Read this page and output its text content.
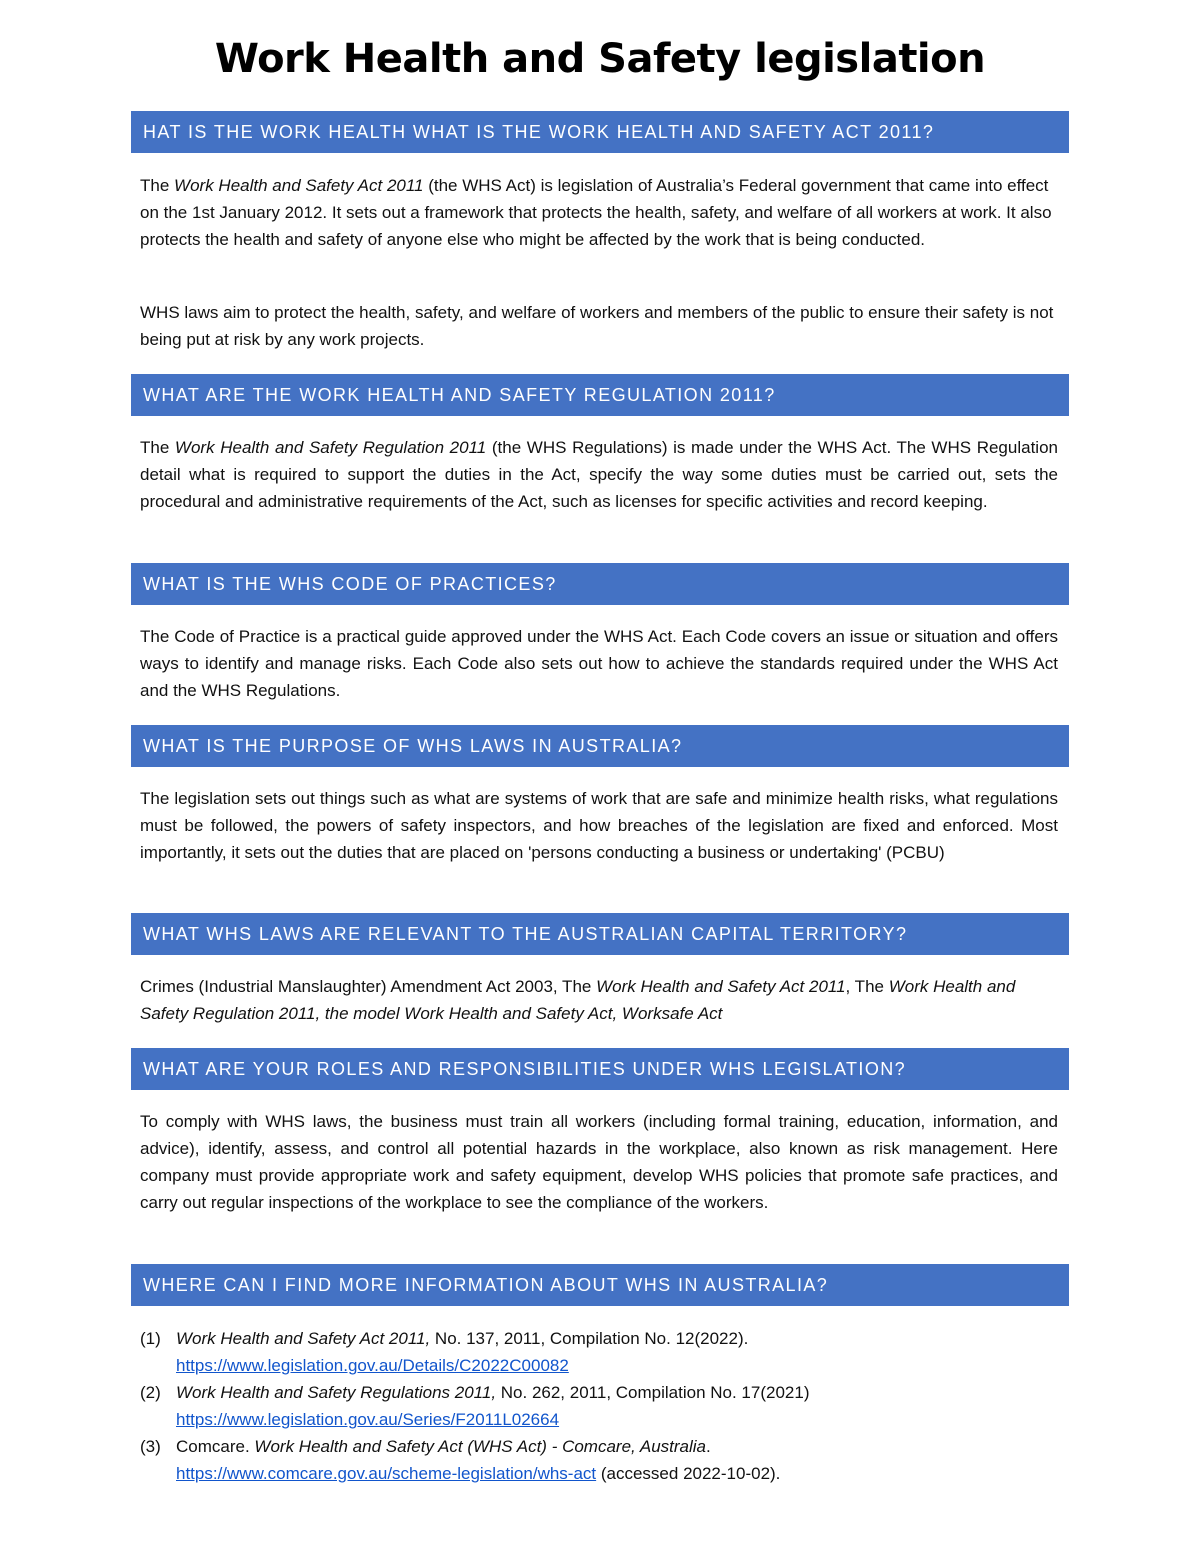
Work Health and Safety legislation
HAT IS THE WORK HEALTH WHAT IS THE WORK HEALTH AND SAFETY ACT 2011?

The Work Health and Safety Act 2011 (the WHS Act) is legislation of Australia’s Federal government that came into effect on the 1st January 2012. It sets out a framework that protects the health, safety, and welfare of all workers at work. It also protects the health and safety of anyone else who might be affected by the work that is being conducted.

WHS laws aim to protect the health, safety, and welfare of workers and members of the public to ensure their safety is not being put at risk by any work projects.

WHAT ARE THE WORK HEALTH AND SAFETY REGULATION 2011?

The Work Health and Safety Regulation 2011 (the WHS Regulations) is made under the WHS Act. The WHS Regulation detail what is required to support the duties in the Act, specify the way some duties must be carried out, sets the procedural and administrative requirements of the Act, such as licenses for specific activities and record keeping.

WHAT IS THE WHS CODE OF PRACTICES?

The Code of Practice is a practical guide approved under the WHS Act. Each Code covers an issue or situation and offers ways to identify and manage risks. Each Code also sets out how to achieve the standards required under the WHS Act and the WHS Regulations.

WHAT IS THE PURPOSE OF WHS LAWS IN AUSTRALIA?

The legislation sets out things such as what are systems of work that are safe and minimize health risks, what regulations must be followed, the powers of safety inspectors, and how breaches of the legislation are fixed and enforced. Most importantly, it sets out the duties that are placed on 'persons conducting a business or undertaking' (PCBU)

WHAT WHS LAWS ARE RELEVANT TO THE AUSTRALIAN CAPITAL TERRITORY?

Crimes (Industrial Manslaughter) Amendment Act 2003, The Work Health and Safety Act 2011, The Work Health and Safety Regulation 2011, the model Work Health and Safety Act, Worksafe Act

WHAT ARE YOUR ROLES AND RESPONSIBILITIES UNDER WHS LEGISLATION?

To comply with WHS laws, the business must train all workers (including formal training, education, information, and advice), identify, assess, and control all potential hazards in the workplace, also known as risk management. Here company must provide appropriate work and safety equipment, develop WHS policies that promote safe practices, and carry out regular inspections of the workplace to see the compliance of the workers.

WHERE CAN I FIND MORE INFORMATION ABOUT WHS IN AUSTRALIA?
(1) Work Health and Safety Act 2011, No. 137, 2011, Compilation No. 12(2022).
https://www.legislation.gov.au/Details/C2022C00082
(2) Work Health and Safety Regulations 2011, No. 262, 2011, Compilation No. 17(2021)
https://www.legislation.gov.au/Series/F2011L02664
(3) Comcare. Work Health and Safety Act (WHS Act) - Comcare, Australia.
https://www.comcare.gov.au/scheme-legislation/whs-act (accessed 2022-10-02).
